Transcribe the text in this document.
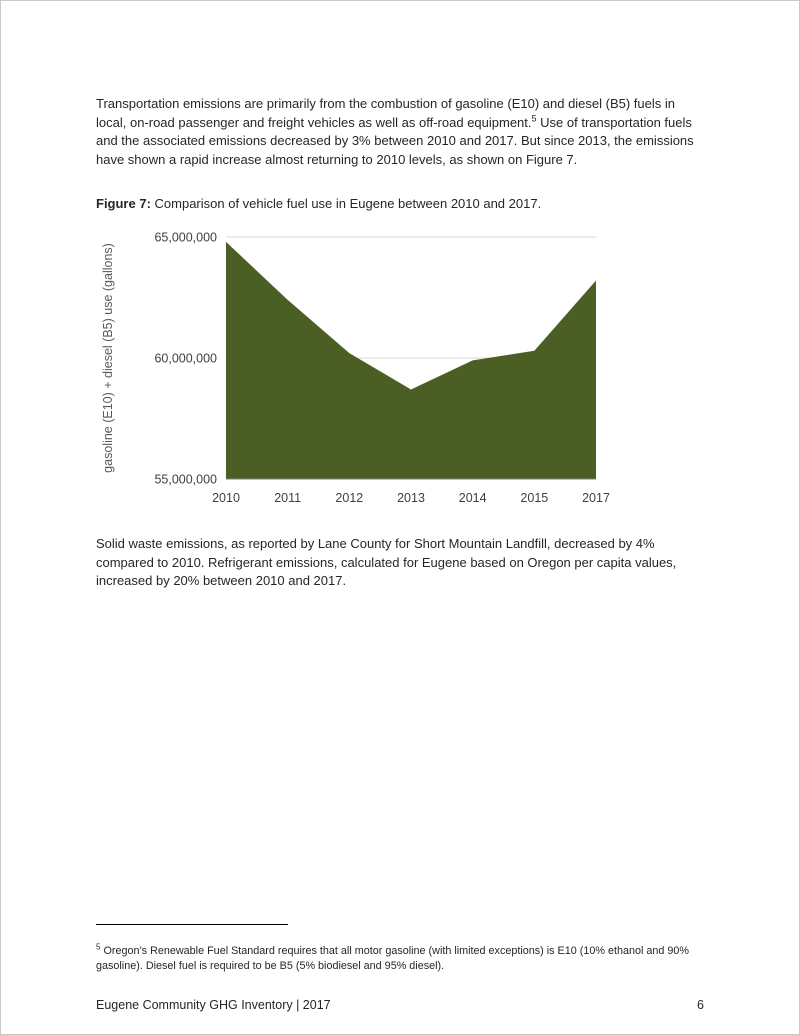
Transportation emissions are primarily from the combustion of gasoline (E10) and diesel (B5) fuels in local, on-road passenger and freight vehicles as well as off-road equipment.$^5$ Use of transportation fuels and the associated emissions decreased by 3% between 2010 and 2017. But since 2013, the emissions have shown a rapid increase almost returning to 2010 levels, as shown on Figure 7.

Figure 7: Comparison of vehicle fuel use in Eugene between 2010 and 2017.

55,000,000
60,000,000
65,000,000
2010	2011	2012	2013	2014	2015	2017
gasoline (E10) + diesel (B5) use (gallons)

Solid waste emissions, as reported by Lane County for Short Mountain Landfill, decreased by 4% compared to 2010. Refrigerant emissions, calculated for Eugene based on Oregon per capita values, increased by 20% between 2010 and 2017.

$^5$ Oregon’s Renewable Fuel Standard requires that all motor gasoline (with limited exceptions) is E10 (10% ethanol and 90% gasoline). Diesel fuel is required to be B5 (5% biodiesel and 95% diesel).

Eugene Community GHG Inventory | 2017	6
